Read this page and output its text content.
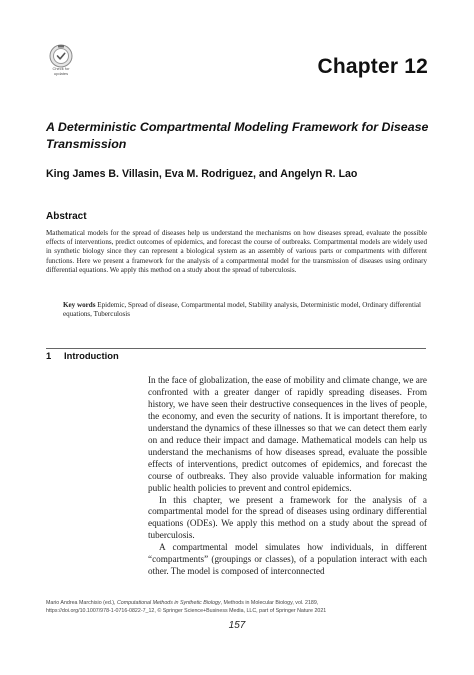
Check for
updates	Chapter 12
A Deterministic Compartmental Modeling Framework for Disease Transmission
King James B. Villasin, Eva M. Rodriguez, and Angelyn R. Lao
Abstract
Mathematical models for the spread of diseases help us understand the mechanisms on how diseases spread, evaluate the possible effects of interventions, predict outcomes of epidemics, and forecast the course of outbreaks. Compartmental models are widely used in synthetic biology since they can represent a biological system as an assembly of various parts or compartments with different functions. Here we present a framework for the analysis of a compartmental model for the transmission of diseases using ordinary differential equations. We apply this method on a study about the spread of tuberculosis.
Key words Epidemic, Spread of disease, Compartmental model, Stability analysis, Deterministic model, Ordinary differential equations, Tuberculosis
1 Introduction

In the face of globalization, the ease of mobility and climate change, we are confronted with a greater danger of rapidly spreading diseases. From history, we have seen their destructive consequences in the lives of people, the economy, and even the security of nations. It is important therefore, to understand the dynamics of these illnesses so that we can detect them early on and reduce their impact and damage. Mathematical models can help us understand the mechanisms of how diseases spread, evaluate the possible effects of interventions, predict outcomes of epidemics, and forecast the course of outbreaks. They also provide valuable information for making public health policies to prevent and control epidemics.

In this chapter, we present a framework for the analysis of a compartmental model for the spread of diseases using ordinary differential equations (ODEs). We apply this method on a study about the spread of tuberculosis.

A compartmental model simulates how individuals, in different “compartments” (groupings or classes), of a population interact with each other. The model is composed of interconnected

Mario Andrea Marchisio (ed.), Computational Methods in Synthetic Biology, Methods in Molecular Biology, vol. 2189,
https://doi.org/10.1007/978-1-0716-0822-7_12, © Springer Science+Business Media, LLC, part of Springer Nature 2021
157
